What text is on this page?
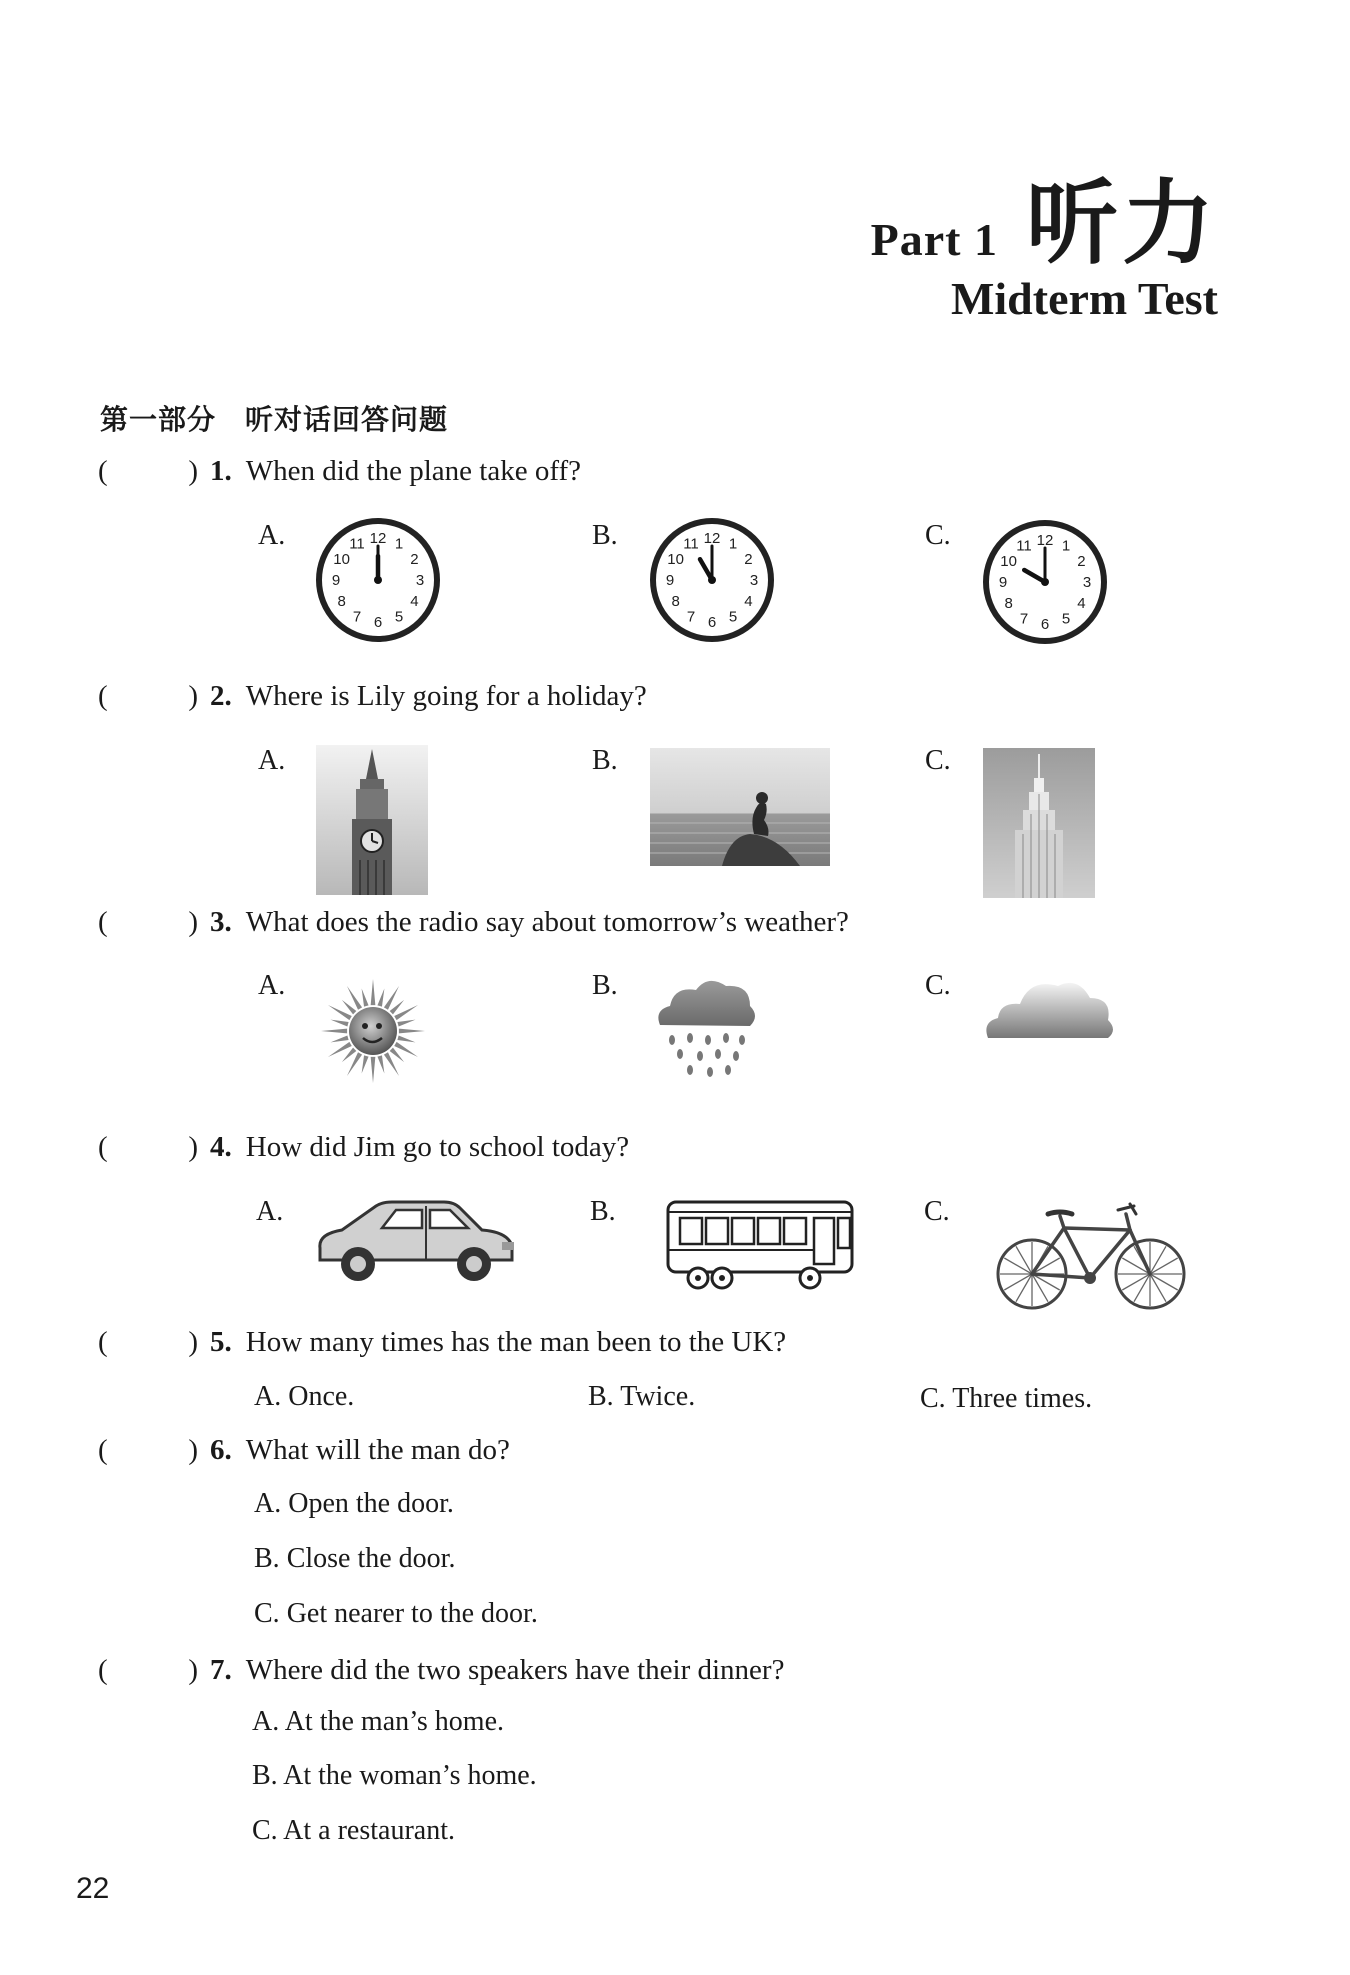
Part 1 听力
Midterm Test
第一部分　听对话回答问题
(	) 1. When did the plane take off?
(	) 2. Where is Lily going for a holiday?
(	) 3. What does the radio say about tomorrow’s weather?
(	) 4. How did Jim go to school today?
(	) 5. How many times has the man been to the UK?
(	) 6. What will the man do?
(	) 7. Where did the two speakers have their dinner?
A.	B.	C.
12 1
2
3
4
5
6
7
8
9
10
11	12 1
2
3
4
5
6
7
8
9
10
11	12 1
2
3
4
5
6
7
8
9
10
11
A.	B.	C.
A.	B.	C.
A.	B.	C.
A. Once.	B. Twice.	C. Three times.
A. Open the door.
B. Close the door.
C. Get nearer to the door.
A. At the man’s home.
B. At the woman’s home.
C. At a restaurant.
22
